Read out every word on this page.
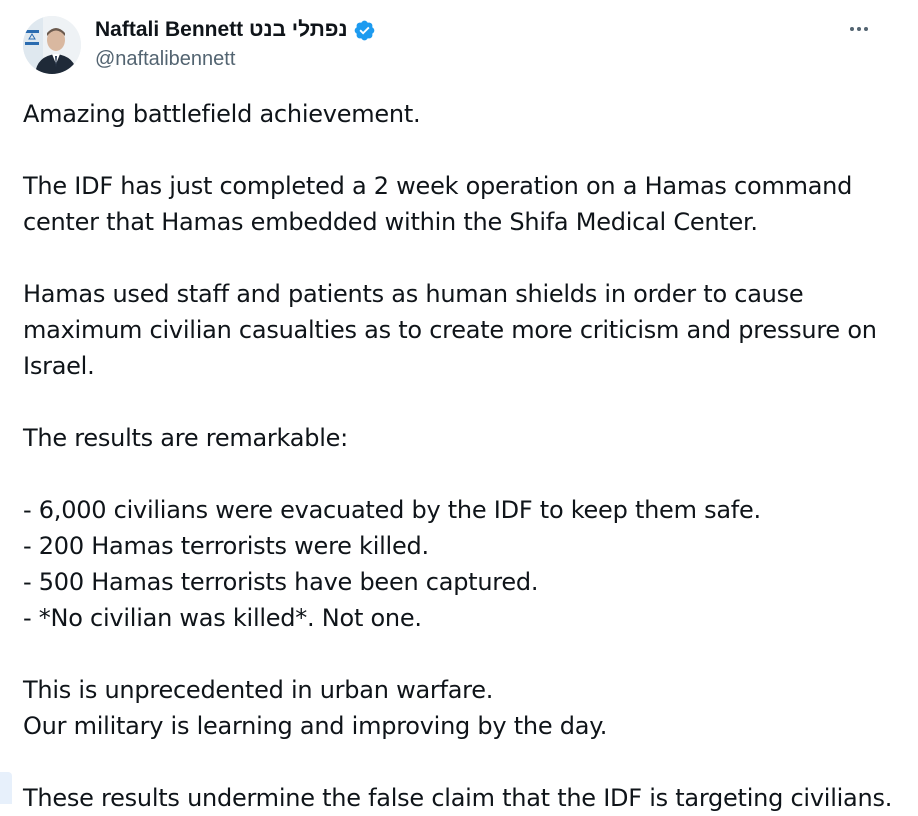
Naftali Bennett נפתלי בנט
@naftalibennett
Amazing battlefield achievement.
The IDF has just completed a 2 week operation on a Hamas command
center that Hamas embedded within the Shifa Medical Center.
Hamas used staff and patients as human shields in order to cause
maximum civilian casualties as to create more criticism and pressure on
Israel.
The results are remarkable:
- 6,000 civilians were evacuated by the IDF to keep them safe.
- 200 Hamas terrorists were killed.
- 500 Hamas terrorists have been captured.
- *No civilian was killed*. Not one.
This is unprecedented in urban warfare.
Our military is learning and improving by the day.
These results undermine the false claim that the IDF is targeting civilians.
